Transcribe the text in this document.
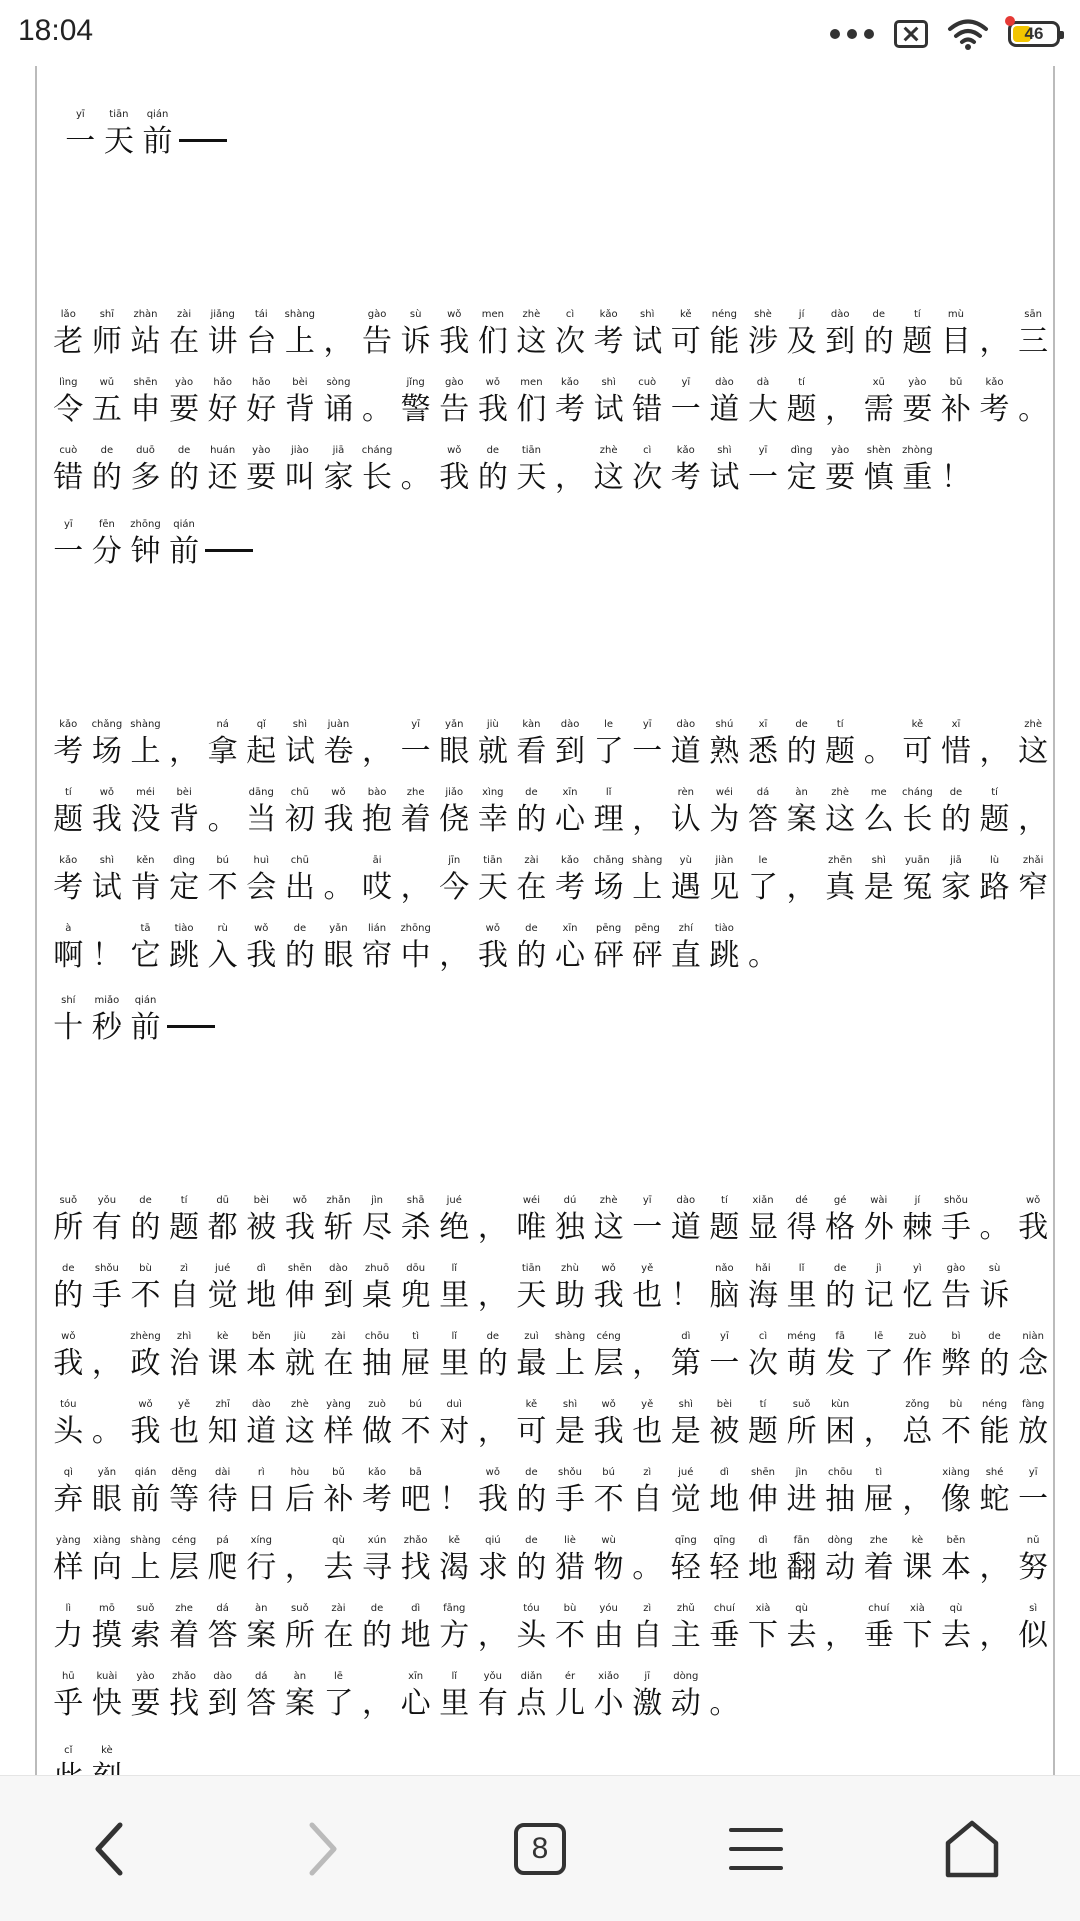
18:04	46
yī
一
tiān
天
qián
前
lǎo
老
shī
师
zhàn
站
zài
在
jiǎng
讲
tái
台
shàng
上 ，
gào
告
sù
诉
wǒ
我
men
们
zhè
这
cì
次
kǎo
考
shì
试
kě
可
néng
能
shè
涉
jí
及
dào
到
de
的
tí
题
mù
目 ，
sān
三
lìng
令
wǔ
五
shēn
申
yào
要
hǎo
好
hǎo
好
bèi
背
sòng
诵 。
jǐng
警
gào
告
wǒ
我
men
们
kǎo
考
shì
试
cuò
错
yī
一
dào
道
dà
大
tí
题 ，
xū
需
yào
要
bǔ
补
kǎo
考 。
cuò
错
de
的
duō
多
de
的
huán
还
yào
要
jiào
叫
jiā
家
cháng
长 。
wǒ
我
de
的
tiān
天 ，
zhè
这
cì
次
kǎo
考
shì
试
yī
一
dìng
定
yào
要
shèn
慎
zhòng
重 ！
yī
一
fēn
分
zhōng
钟
qián
前
kǎo
考
chǎng
场
shàng
上 ，
ná
拿
qǐ
起
shì
试
juàn
卷 ，
yī
一
yǎn
眼
jiù
就
kàn
看
dào
到
le
了
yī
一
dào
道
shú
熟
xī
悉
de
的
tí
题 。
kě
可
xī
惜 ，
zhè
这
tí
题
wǒ
我
méi
没
bèi
背 。
dāng
当
chū
初
wǒ
我
bào
抱
zhe
着
jiǎo
侥
xìng
幸
de
的
xīn
心
lǐ
理 ，
rèn
认
wéi
为
dá
答
àn
案
zhè
这
me
么
cháng
长
de
的
tí
题 ，
kǎo
考
shì
试
kěn
肯
dìng
定
bú
不
huì
会
chū
出 。
āi
哎 ，
jīn
今
tiān
天
zài
在
kǎo
考
chǎng
场
shàng
上
yù
遇
jiàn
见
le
了 ，
zhēn
真
shì
是
yuān
冤
jiā
家
lù
路
zhǎi
窄
à
啊 ！
tā
它
tiào
跳
rù
入
wǒ
我
de
的
yǎn
眼
lián
帘
zhōng
中 ，
wǒ
我
de
的
xīn
心
pēng
砰
pēng
砰
zhí
直
tiào
跳 。
shí
十
miǎo
秒
qián
前
suǒ
所
yǒu
有
de
的
tí
题
dū
都
bèi
被
wǒ
我
zhǎn
斩
jìn
尽
shā
杀
jué
绝 ，
wéi
唯
dú
独
zhè
这
yī
一
dào
道
tí
题
xiǎn
显
dé
得
gé
格
wài
外
jí
棘
shǒu
手 。
wǒ
我
de
的
shǒu
手
bù
不
zì
自
jué
觉
dì
地
shēn
伸
dào
到
zhuō
桌
dōu
兜
lǐ
里 ，
tiān
天
zhù
助
wǒ
我
yě
也 ！
nǎo
脑
hǎi
海
lǐ
里
de
的
jì
记
yì
忆
gào
告
sù
诉
wǒ
我 ，
zhèng
政
zhì
治
kè
课
běn
本
jiù
就
zài
在
chōu
抽
tì
屉
lǐ
里
de
的
zuì
最
shàng
上
céng
层 ，
dì
第
yī
一
cì
次
méng
萌
fā
发
lē
了
zuò
作
bì
弊
de
的
niàn
念
tóu
头 。
wǒ
我
yě
也
zhī
知
dào
道
zhè
这
yàng
样
zuò
做
bú
不
duì
对 ，
kě
可
shì
是
wǒ
我
yě
也
shì
是
bèi
被
tí
题
suǒ
所
kùn
困 ，
zǒng
总
bù
不
néng
能
fàng
放
qì
弃
yǎn
眼
qián
前
děng
等
dài
待
rì
日
hòu
后
bǔ
补
kǎo
考
bā
吧 ！
wǒ
我
de
的
shǒu
手
bú
不
zì
自
jué
觉
dì
地
shēn
伸
jìn
进
chōu
抽
tì
屉 ，
xiàng
像
shé
蛇
yī
一
yàng
样
xiàng
向
shàng
上
céng
层
pá
爬
xíng
行 ，
qù
去
xún
寻
zhǎo
找
kě
渴
qiú
求
de
的
liè
猎
wù
物 。
qīng
轻
qīng
轻
dì
地
fān
翻
dòng
动
zhe
着
kè
课
běn
本 ，
nǔ
努
lì
力
mō
摸
suǒ
索
zhe
着
dá
答
àn
案
suǒ
所
zài
在
de
的
dì
地
fāng
方 ，
tóu
头
bù
不
yóu
由
zì
自
zhǔ
主
chuí
垂
xià
下
qù
去 ，
chuí
垂
xià
下
qù
去 ，
sì
似
hū
乎
kuài
快
yào
要
zhǎo
找
dào
到
dá
答
àn
案
lē
了 ，
xīn
心
lǐ
里
yǒu
有
diǎn
点
ér
儿
xiǎo
小
jī
激
dòng
动 。
cǐ	kè
8
